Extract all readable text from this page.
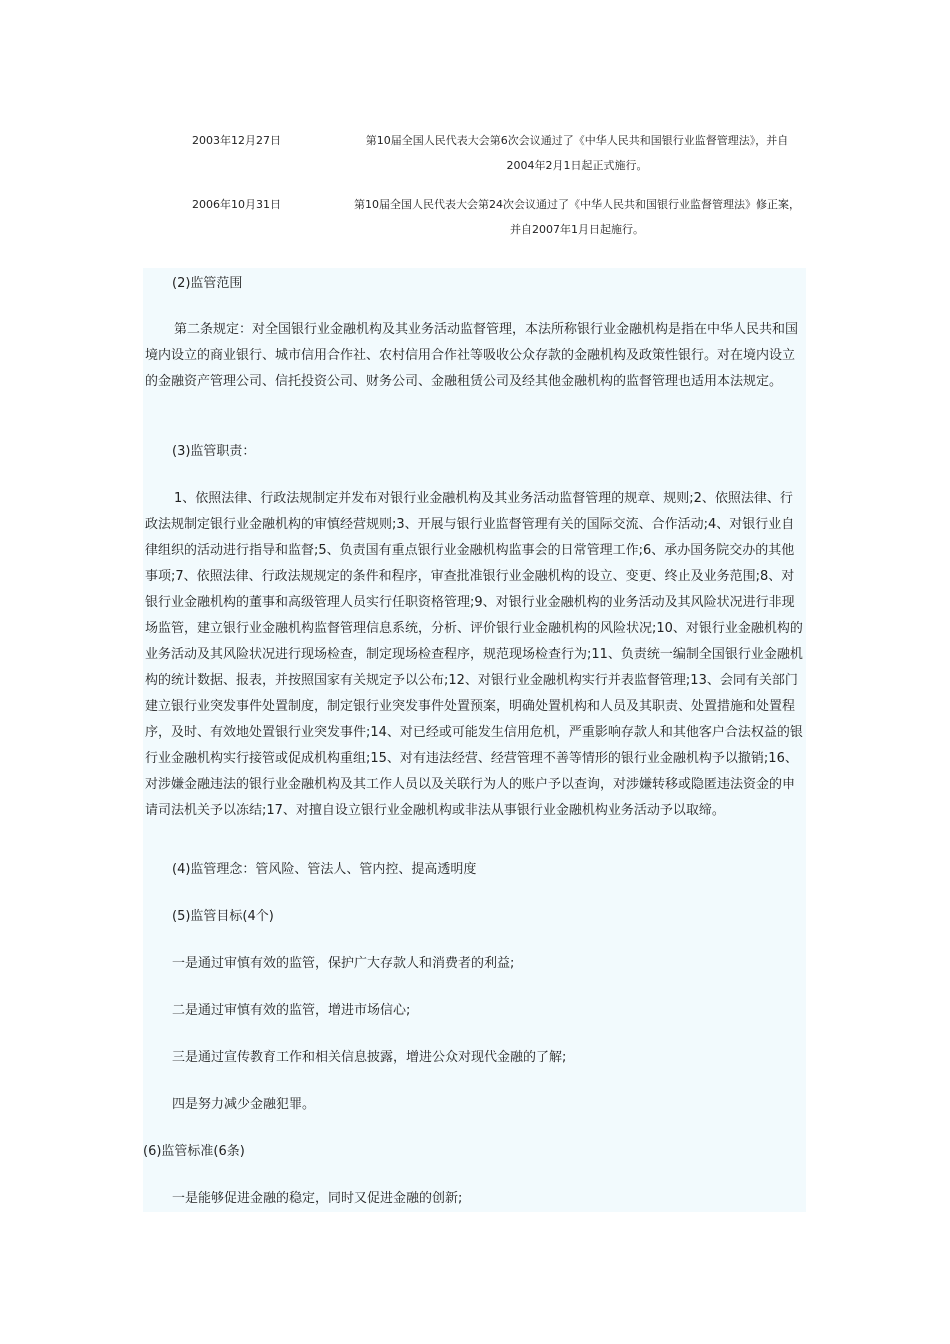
2003年12月27日	第10届全国人民代表大会第6次会议通过了《中华人民共和国银行业监督管理法》，并自2004年2月1日起正式施行。
2006年10月31日	第10届全国人民代表大会第24次会议通过了《中华人民共和国银行业监督管理法》修正案，并自2007年1月日起施行。

(2)监管范围

第二条规定：对全国银行业金融机构及其业务活动监督管理，本法所称银行业金融机构是指在中华人民共和国境内设立的商业银行、城市信用合作社、农村信用合作社等吸收公众存款的金融机构及政策性银行。对在境内设立的金融资产管理公司、信托投资公司、财务公司、金融租赁公司及经其他金融机构的监督管理也适用本法规定。

(3)监管职责：

1、依照法律、行政法规制定并发布对银行业金融机构及其业务活动监督管理的规章、规则;2、依照法律、行政法规制定银行业金融机构的审慎经营规则;3、开展与银行业监督管理有关的国际交流、合作活动;4、对银行业自律组织的活动进行指导和监督;5、负责国有重点银行业金融机构监事会的日常管理工作;6、承办国务院交办的其他事项;7、依照法律、行政法规规定的条件和程序，审查批准银行业金融机构的设立、变更、终止及业务范围;8、对银行业金融机构的董事和高级管理人员实行任职资格管理;9、对银行业金融机构的业务活动及其风险状况进行非现场监管，建立银行业金融机构监督管理信息系统，分析、评价银行业金融机构的风险状况;10、对银行业金融机构的业务活动及其风险状况进行现场检查，制定现场检查程序，规范现场检查行为;11、负责统一编制全国银行业金融机构的统计数据、报表，并按照国家有关规定予以公布;12、对银行业金融机构实行并表监督管理;13、会同有关部门建立银行业突发事件处置制度，制定银行业突发事件处置预案，明确处置机构和人员及其职责、处置措施和处置程序，及时、有效地处置银行业突发事件;14、对已经或可能发生信用危机，严重影响存款人和其他客户合法权益的银行业金融机构实行接管或促成机构重组;15、对有违法经营、经营管理不善等情形的银行业金融机构予以撤销;16、对涉嫌金融违法的银行业金融机构及其工作人员以及关联行为人的账户予以查询，对涉嫌转移或隐匿违法资金的申请司法机关予以冻结;17、对擅自设立银行业金融机构或非法从事银行业金融机构业务活动予以取缔。

(4)监管理念：管风险、管法人、管内控、提高透明度

(5)监管目标(4个)

一是通过审慎有效的监管，保护广大存款人和消费者的利益;

二是通过审慎有效的监管，增进市场信心;

三是通过宣传教育工作和相关信息披露，增进公众对现代金融的了解;

四是努力减少金融犯罪。

(6)监管标准(6条)

一是能够促进金融的稳定，同时又促进金融的创新;
